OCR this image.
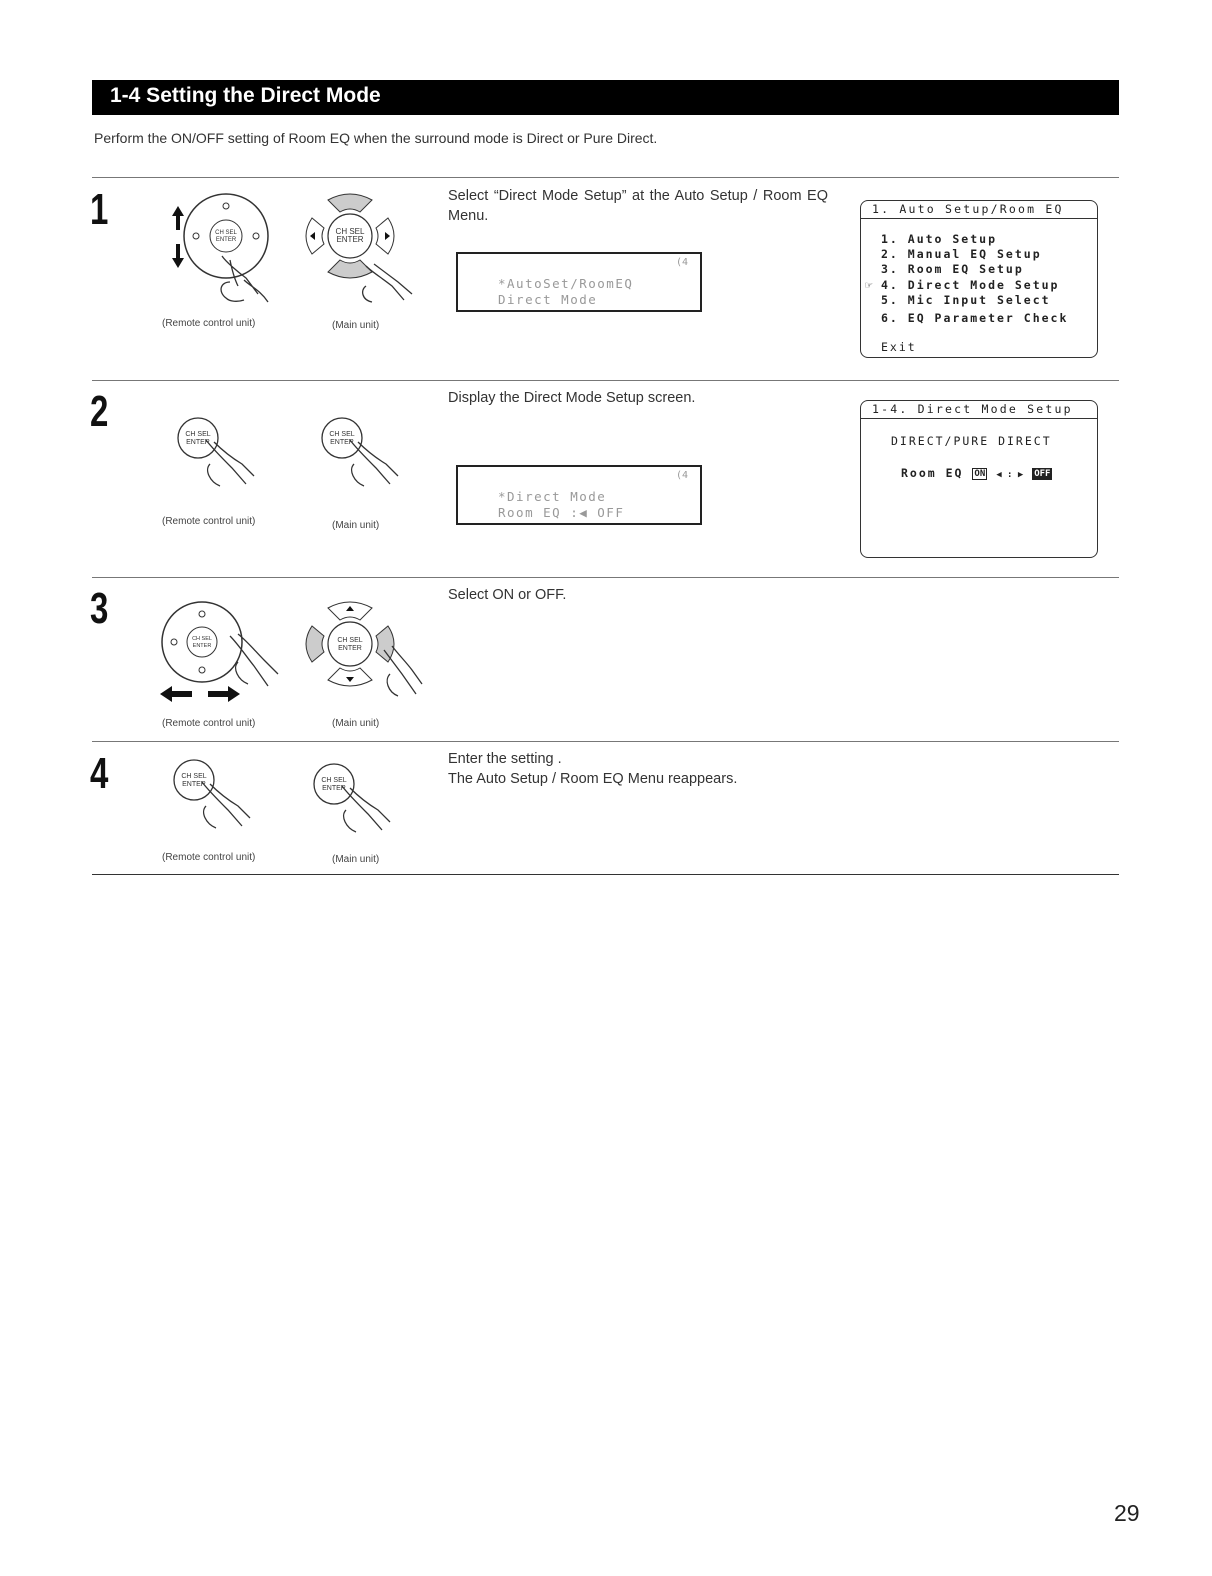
1-4 Setting the Direct Mode
Perform the ON/OFF setting of Room EQ when the surround mode is Direct or Pure Direct.
1	CH SEL
ENTER
(Remote control unit)
CH SEL
ENTER
(Main unit)
Select “Direct Mode Setup” at the Auto Setup / Room EQ Menu.
(4
*AutoSet/RoomEQ
Direct Mode
1. Auto Setup/Room EQ
1. Auto Setup
2. Manual EQ Setup
3. Room EQ Setup
☞ 4. Direct Mode Setup
5. Mic Input Select
6. EQ Parameter Check
Exit
2	CH SEL
ENTER
(Remote control unit)
CH SEL
ENTER
(Main unit)
Display the Direct Mode Setup screen.
(4
*Direct Mode
Room EQ :◀ OFF
1-4. Direct Mode Setup
DIRECT/PURE DIRECT
Room EQ ON ◀ : ▶ OFF
3
CH SEL
ENTER
(Remote control unit)
CH SEL
ENTER
(Main unit)
Select ON or OFF.
4	CH SEL
ENTER
(Remote control unit)
CH SEL
ENTER
(Main unit)
Enter the setting .
The Auto Setup / Room EQ Menu reappears.
29
